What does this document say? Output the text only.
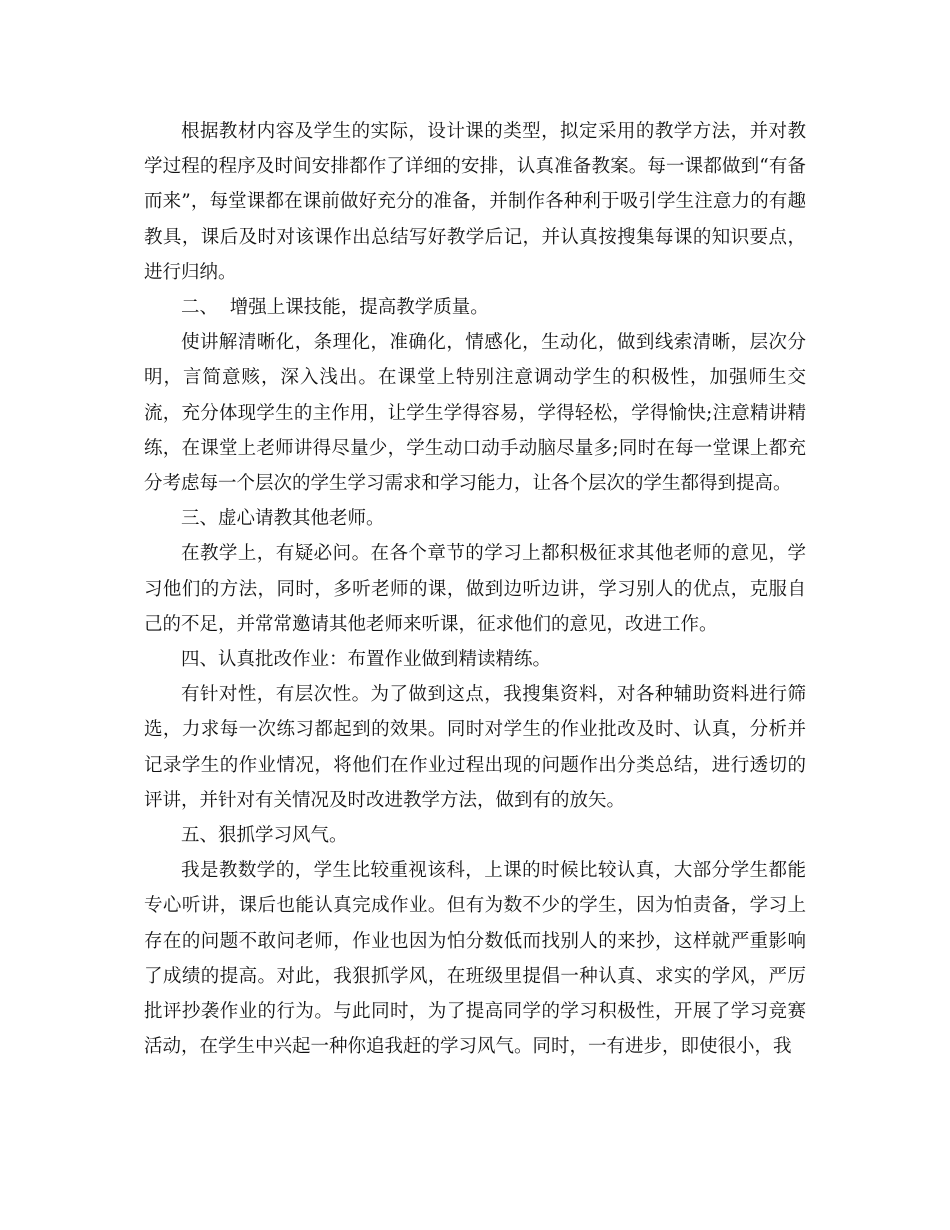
根据教材内容及学生的实际，设计课的类型，拟定采用的教学方法，并对教学过程的程序及时间安排都作了详细的安排，认真准备教案。每一课都做到“有备而来”，每堂课都在课前做好充分的准备，并制作各种利于吸引学生注意力的有趣教具，课后及时对该课作出总结写好教学后记，并认真按搜集每课的知识要点，进行归纳。

二、  增强上课技能，提高教学质量。

使讲解清晰化，条理化，准确化，情感化，生动化，做到线索清晰，层次分明，言简意赅，深入浅出。在课堂上特别注意调动学生的积极性，加强师生交流，充分体现学生的主作用，让学生学得容易，学得轻松，学得愉快;注意精讲精练，在课堂上老师讲得尽量少，学生动口动手动脑尽量多;同时在每一堂课上都充分考虑每一个层次的学生学习需求和学习能力，让各个层次的学生都得到提高。

三、虚心请教其他老师。

在教学上，有疑必问。在各个章节的学习上都积极征求其他老师的意见，学习他们的方法，同时，多听老师的课，做到边听边讲，学习别人的优点，克服自己的不足，并常常邀请其他老师来听课，征求他们的意见，改进工作。

四、认真批改作业：布置作业做到精读精练。

有针对性，有层次性。为了做到这点，我搜集资料，对各种辅助资料进行筛选，力求每一次练习都起到的效果。同时对学生的作业批改及时、认真，分析并记录学生的作业情况，将他们在作业过程出现的问题作出分类总结，进行透切的评讲，并针对有关情况及时改进教学方法，做到有的放矢。

五、狠抓学习风气。

我是教数学的，学生比较重视该科，上课的时候比较认真，大部分学生都能专心听讲，课后也能认真完成作业。但有为数不少的学生，因为怕责备，学习上存在的问题不敢问老师，作业也因为怕分数低而找别人的来抄，这样就严重影响了成绩的提高。对此，我狠抓学风，在班级里提倡一种认真、求实的学风，严厉批评抄袭作业的行为。与此同时，为了提高同学的学习积极性，开展了学习竞赛活动，在学生中兴起一种你追我赶的学习风气。同时，一有进步，即使很小，我
